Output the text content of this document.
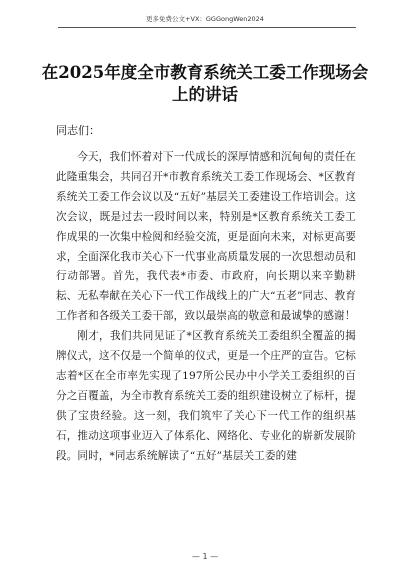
更多免费公文+VX：GGGongWen2024
在2025年度全市教育系统关工委工作现场会上的讲话
同志们：

今天，我们怀着对下一代成长的深厚情感和沉甸甸的责任在此隆重集会，共同召开*市教育系统关工委工作现场会、*区教育系统关工委工作会议以及“五好”基层关工委建设工作培训会。这次会议，既是过去一段时间以来，特别是*区教育系统关工委工作成果的一次集中检阅和经验交流，更是面向未来，对标更高要求，全面深化我市关心下一代事业高质量发展的一次思想动员和行动部署。首先，我代表*市委、市政府，向长期以来辛勤耕耘、无私奉献在关心下一代工作战线上的广大“五老”同志、教育工作者和各级关工委干部，致以最崇高的敬意和最诚挚的感谢！

刚才，我们共同见证了*区教育系统关工委组织全覆盖的揭牌仪式，这不仅是一个简单的仪式，更是一个庄严的宣告。它标志着*区在全市率先实现了197所公民办中小学关工委组织的百分之百覆盖，为全市教育系统关工委的组织建设树立了标杆，提供了宝贵经验。这一刻，我们筑牢了关心下一代工作的组织基石，推动这项事业迈入了体系化、网络化、专业化的崭新发展阶段。同时，*同志系统解读了“五好”基层关工委的建

— 1 —
